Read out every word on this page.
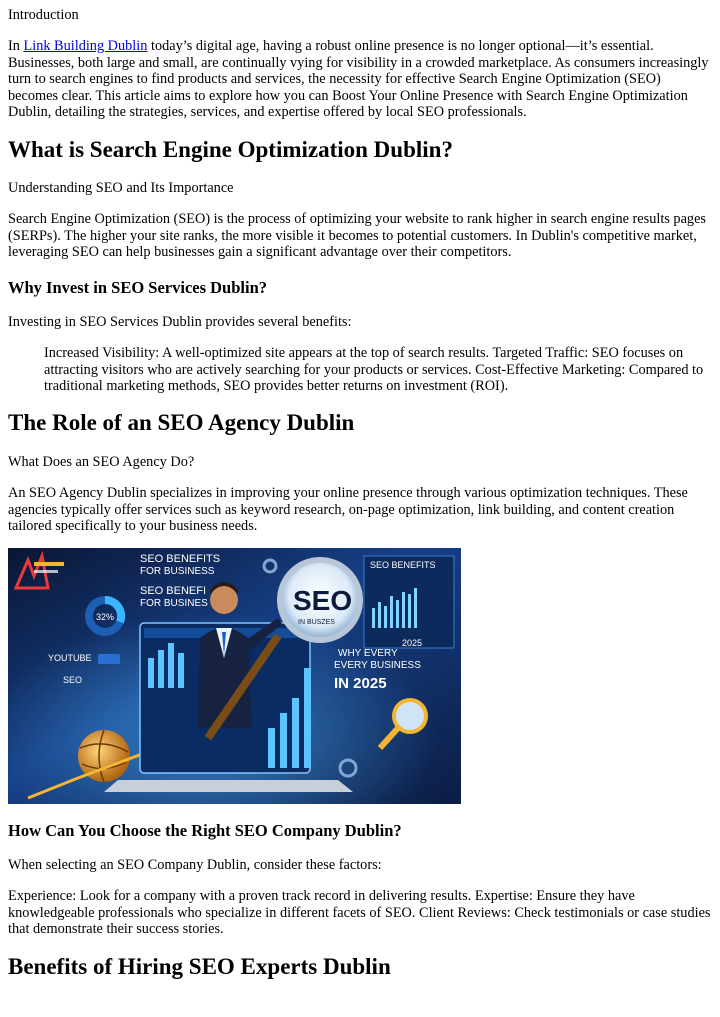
Introduction

In Link Building Dublin today’s digital age, having a robust online presence is no longer optional—it’s essential. Businesses, both large and small, are continually vying for visibility in a crowded marketplace. As consumers increasingly turn to search engines to find products and services, the necessity for effective Search Engine Optimization (SEO) becomes clear. This article aims to explore how you can Boost Your Online Presence with Search Engine Optimization Dublin, detailing the strategies, services, and expertise offered by local SEO professionals.

What is Search Engine Optimization Dublin?

Understanding SEO and Its Importance

Search Engine Optimization (SEO) is the process of optimizing your website to rank higher in search engine results pages (SERPs). The higher your site ranks, the more visible it becomes to potential customers. In Dublin's competitive market, leveraging SEO can help businesses gain a significant advantage over their competitors.

Why Invest in SEO Services Dublin?

Investing in SEO Services Dublin provides several benefits:

Increased Visibility: A well-optimized site appears at the top of search results. Targeted Traffic: SEO focuses on attracting visitors who are actively searching for your products or services. Cost-Effective Marketing: Compared to traditional marketing methods, SEO provides better returns on investment (ROI).
The Role of an SEO Agency Dublin

What Does an SEO Agency Do?

An SEO Agency Dublin specializes in improving your online presence through various optimization techniques. These agencies typically offer services such as keyword research, on-page optimization, link building, and content creation tailored specifically to your business needs.

SEO BENEFITS
FOR BUSINESS
SEO BENEFI
FOR BUSINES
32%
YOUTUBE
SEO
SEO
IN BUSZES
SEO BENEFITS
WHY EVERY
EVERY BUSINESS
2025
IN 2025
How Can You Choose the Right SEO Company Dublin?

When selecting an SEO Company Dublin, consider these factors:

Experience: Look for a company with a proven track record in delivering results. Expertise: Ensure they have knowledgeable professionals who specialize in different facets of SEO. Client Reviews: Check testimonials or case studies that demonstrate their success stories.

Benefits of Hiring SEO Experts Dublin
